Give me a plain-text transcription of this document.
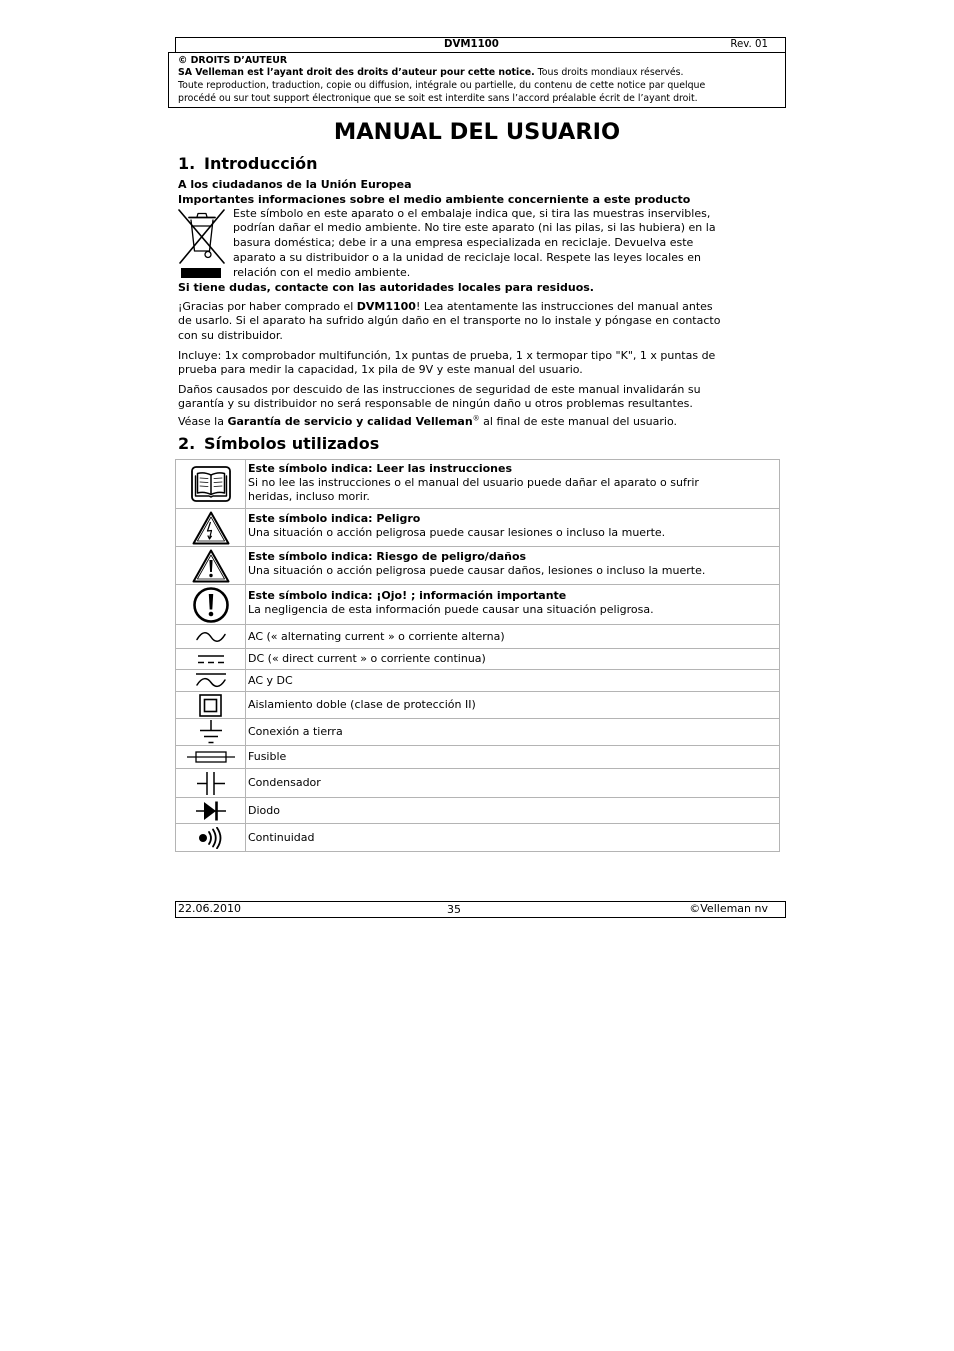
DVM1100	Rev. 01
© DROITS D’AUTEUR
SA Velleman est l’ayant droit des droits d’auteur pour cette notice. Tous droits mondiaux réservés.
Toute reproduction, traduction, copie ou diffusion, intégrale ou partielle, du contenu de cette notice par quelque
procédé ou sur tout support électronique que se soit est interdite sans l’accord préalable écrit de l’ayant droit.
MANUAL DEL USUARIO
1. Introducción
A los ciudadanos de la Unión Europea
Importantes informaciones sobre el medio ambiente concerniente a este producto
Este símbolo en este aparato o el embalaje indica que, si tira las muestras inservibles,
podrían dañar el medio ambiente. No tire este aparato (ni las pilas, si las hubiera) en la
basura doméstica; debe ir a una empresa especializada en reciclaje. Devuelva este
aparato a su distribuidor o a la unidad de reciclaje local. Respete las leyes locales en
relación con el medio ambiente.
Si tiene dudas, contacte con las autoridades locales para residuos.
¡Gracias por haber comprado el DVM1100! Lea atentamente las instrucciones del manual antes
de usarlo. Si el aparato ha sufrido algún daño en el transporte no lo instale y póngase en contacto
con su distribuidor.
Incluye: 1x comprobador multifunción, 1x puntas de prueba, 1 x termopar tipo "K", 1 x puntas de
prueba para medir la capacidad, 1x pila de 9V y este manual del usuario.
Daños causados por descuido de las instrucciones de seguridad de este manual invalidarán su
garantía y su distribuidor no será responsable de ningún daño u otros problemas resultantes.
Véase la Garantía de servicio y calidad Velleman® al final de este manual del usuario.
2. Símbolos utilizados
Este símbolo indica: Leer las instrucciones
Si no lee las instrucciones o el manual del usuario puede dañar el aparato o sufrir
heridas, incluso morir.
Este símbolo indica: Peligro
Una situación o acción peligrosa puede causar lesiones o incluso la muerte.
Este símbolo indica: Riesgo de peligro/daños
Una situación o acción peligrosa puede causar daños, lesiones o incluso la muerte.
Este símbolo indica: ¡Ojo! ; información importante
La negligencia de esta información puede causar una situación peligrosa.
AC (« alternating current » o corriente alterna)
DC (« direct current » o corriente continua)
AC y DC
Aislamiento doble (clase de protección II)
Conexión a tierra
Fusible
Condensador
Diodo
Continuidad
22.06.2010	35	©Velleman nv
